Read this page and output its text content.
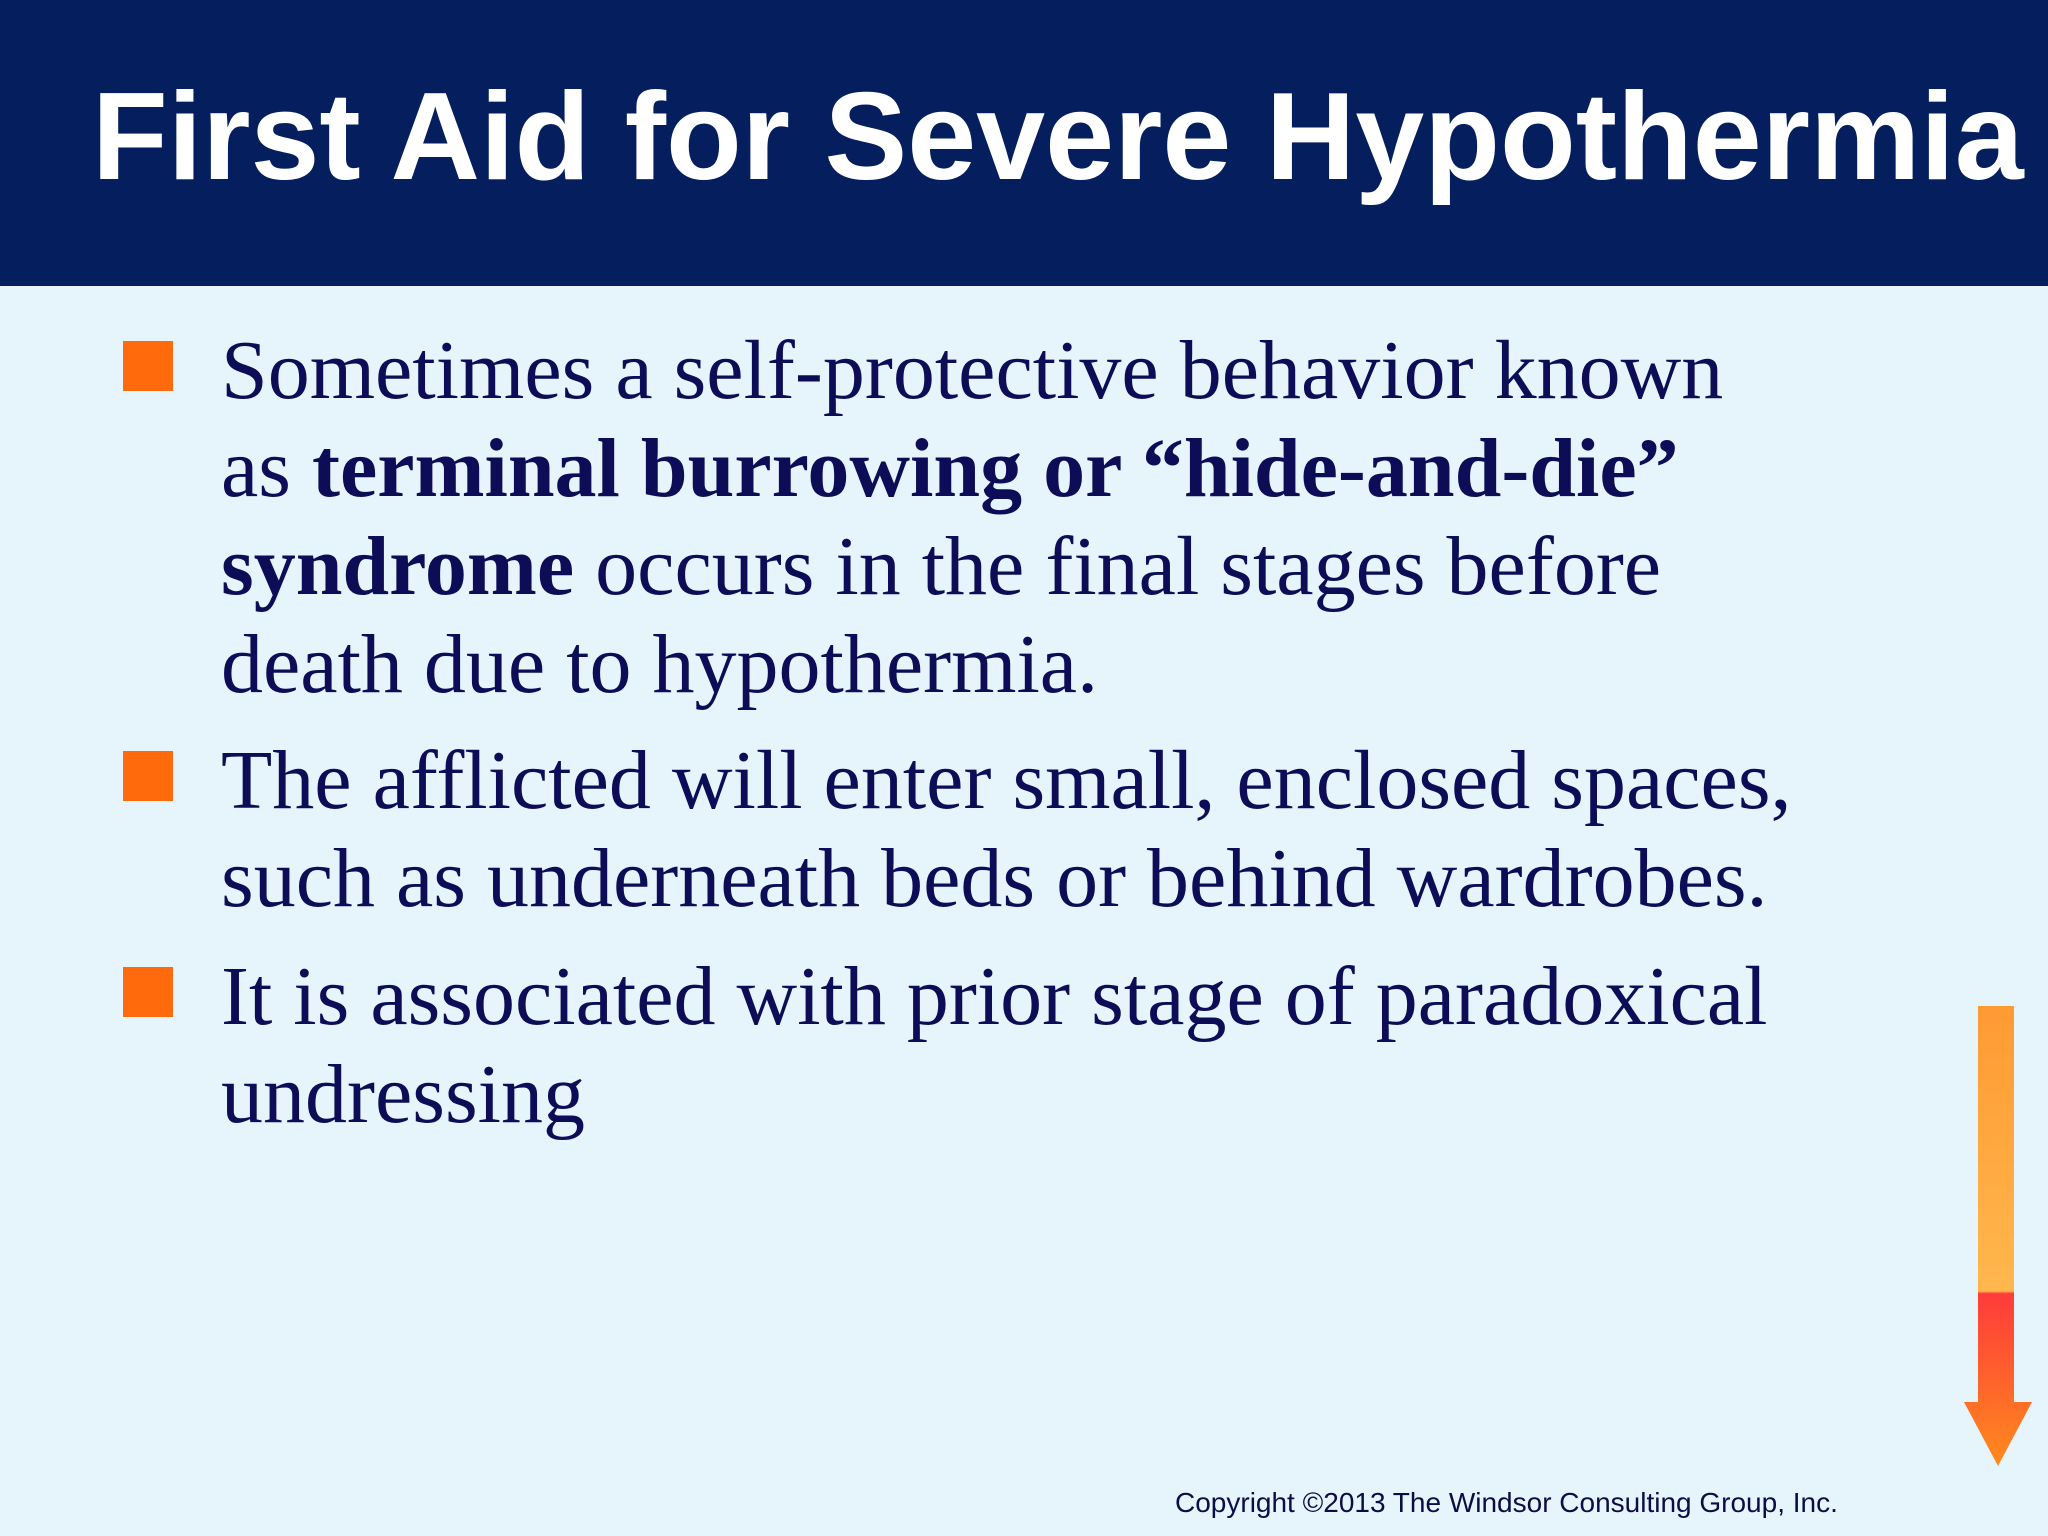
First Aid for Severe Hypothermia

Sometimes a self-protective behavior known
as terminal burrowing or “hide-and-die”
syndrome occurs in the final stages before
death due to hypothermia.

The afflicted will enter small, enclosed spaces,
such as underneath beds or behind wardrobes.

It is associated with prior stage of paradoxical
undressing

Copyright ©2013 The Windsor Consulting Group, Inc.
